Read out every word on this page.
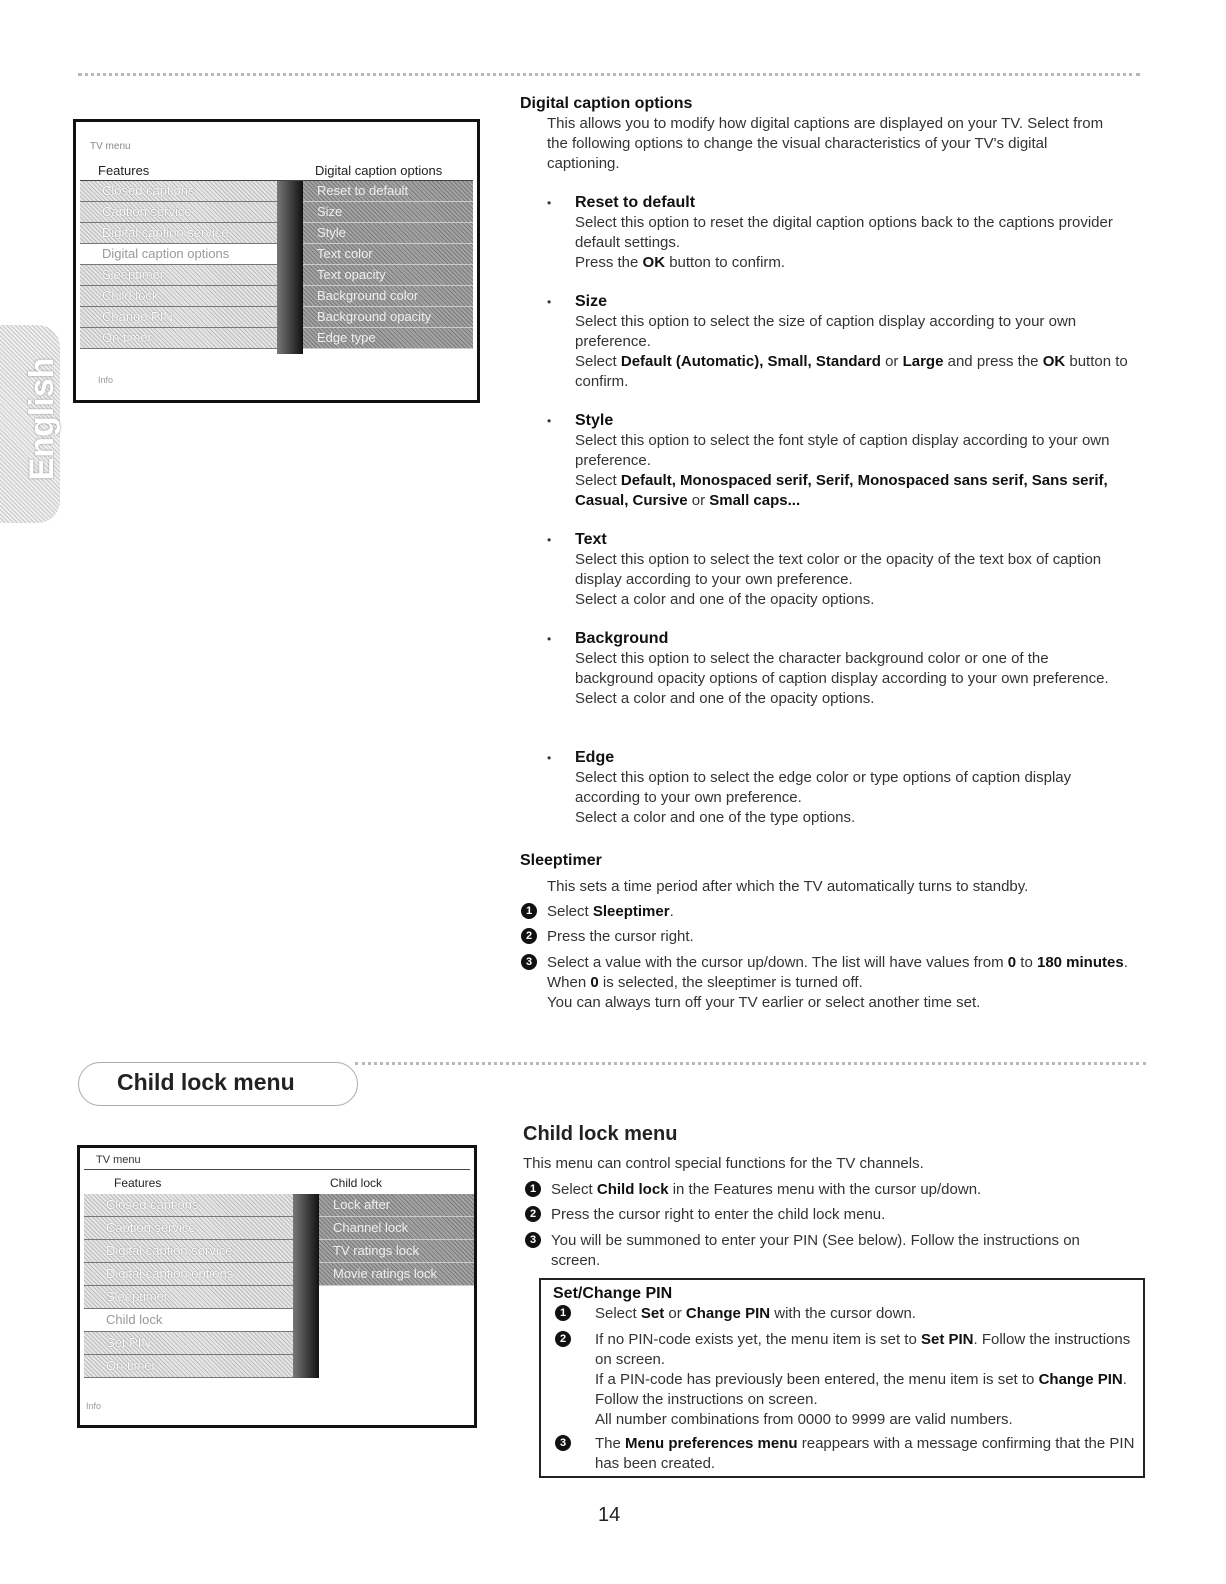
TV menu
Features	Digital caption options
Closed captions
Caption service
Digital caption service
Digital caption options
Sleeptimer
Child lock
Change PIN
On timer
Reset to default
Size
Style
Text color
Text opacity
Background color
Background opacity
Edge type
Info
English
Digital caption options
This allows you to modify how digital captions are displayed on your TV. Select from the following options to change the visual characteristics of your TV's digital captioning.
• Reset to default
Select this option to reset the digital caption options back to the captions provider default settings.
Press the OK button to confirm.
• Size
Select this option to select the size of caption display according to your own preference.
Select Default (Automatic), Small, Standard or Large and press the OK button to confirm.
• Style
Select this option to select the font style of caption display according to your own preference.
Select Default, Monospaced serif, Serif, Monospaced sans serif, Sans serif, Casual, Cursive or Small caps...
• Text
Select this option to select the text color or the opacity of the text box of caption display according to your own preference.
Select a color and one of the opacity options.
• Background
Select this option to select the character background color or one of the background opacity options of caption display according to your own preference.
Select a color and one of the opacity options.
• Edge
Select this option to select the edge color or type options of caption display according to your own preference.
Select a color and one of the type options.
Sleeptimer
This sets a time period after which the TV automatically turns to standby.
1 Select Sleeptimer.
2 Press the cursor right.
3 Select a value with the cursor up/down. The list will have values from 0 to 180 minutes.
When 0 is selected, the sleeptimer is turned off.
You can always turn off your TV earlier or select another time set.
Child lock menu
TV menu
Features	Child lock
Closed captions
Caption service
Digital caption service
Digital caption options
Sleeptimer
Child lock
Set PIN
On timer
Lock after
Channel lock
TV ratings lock
Movie ratings lock
Info
Child lock menu
This menu can control special functions for the TV channels.
1 Select Child lock in the Features menu with the cursor up/down.
2 Press the cursor right to enter the child lock menu.
3 You will be summoned to enter your PIN (See below). Follow the instructions on screen.
Set/Change PIN
1	Select Set or Change PIN with the cursor down.
2	If no PIN-code exists yet, the menu item is set to Set PIN. Follow the instructions on screen.
If a PIN-code has previously been entered, the menu item is set to Change PIN. Follow the instructions on screen.
All number combinations from 0000 to 9999 are valid numbers.
3	The Menu preferences menu reappears with a message confirming that the PIN has been created.
14
